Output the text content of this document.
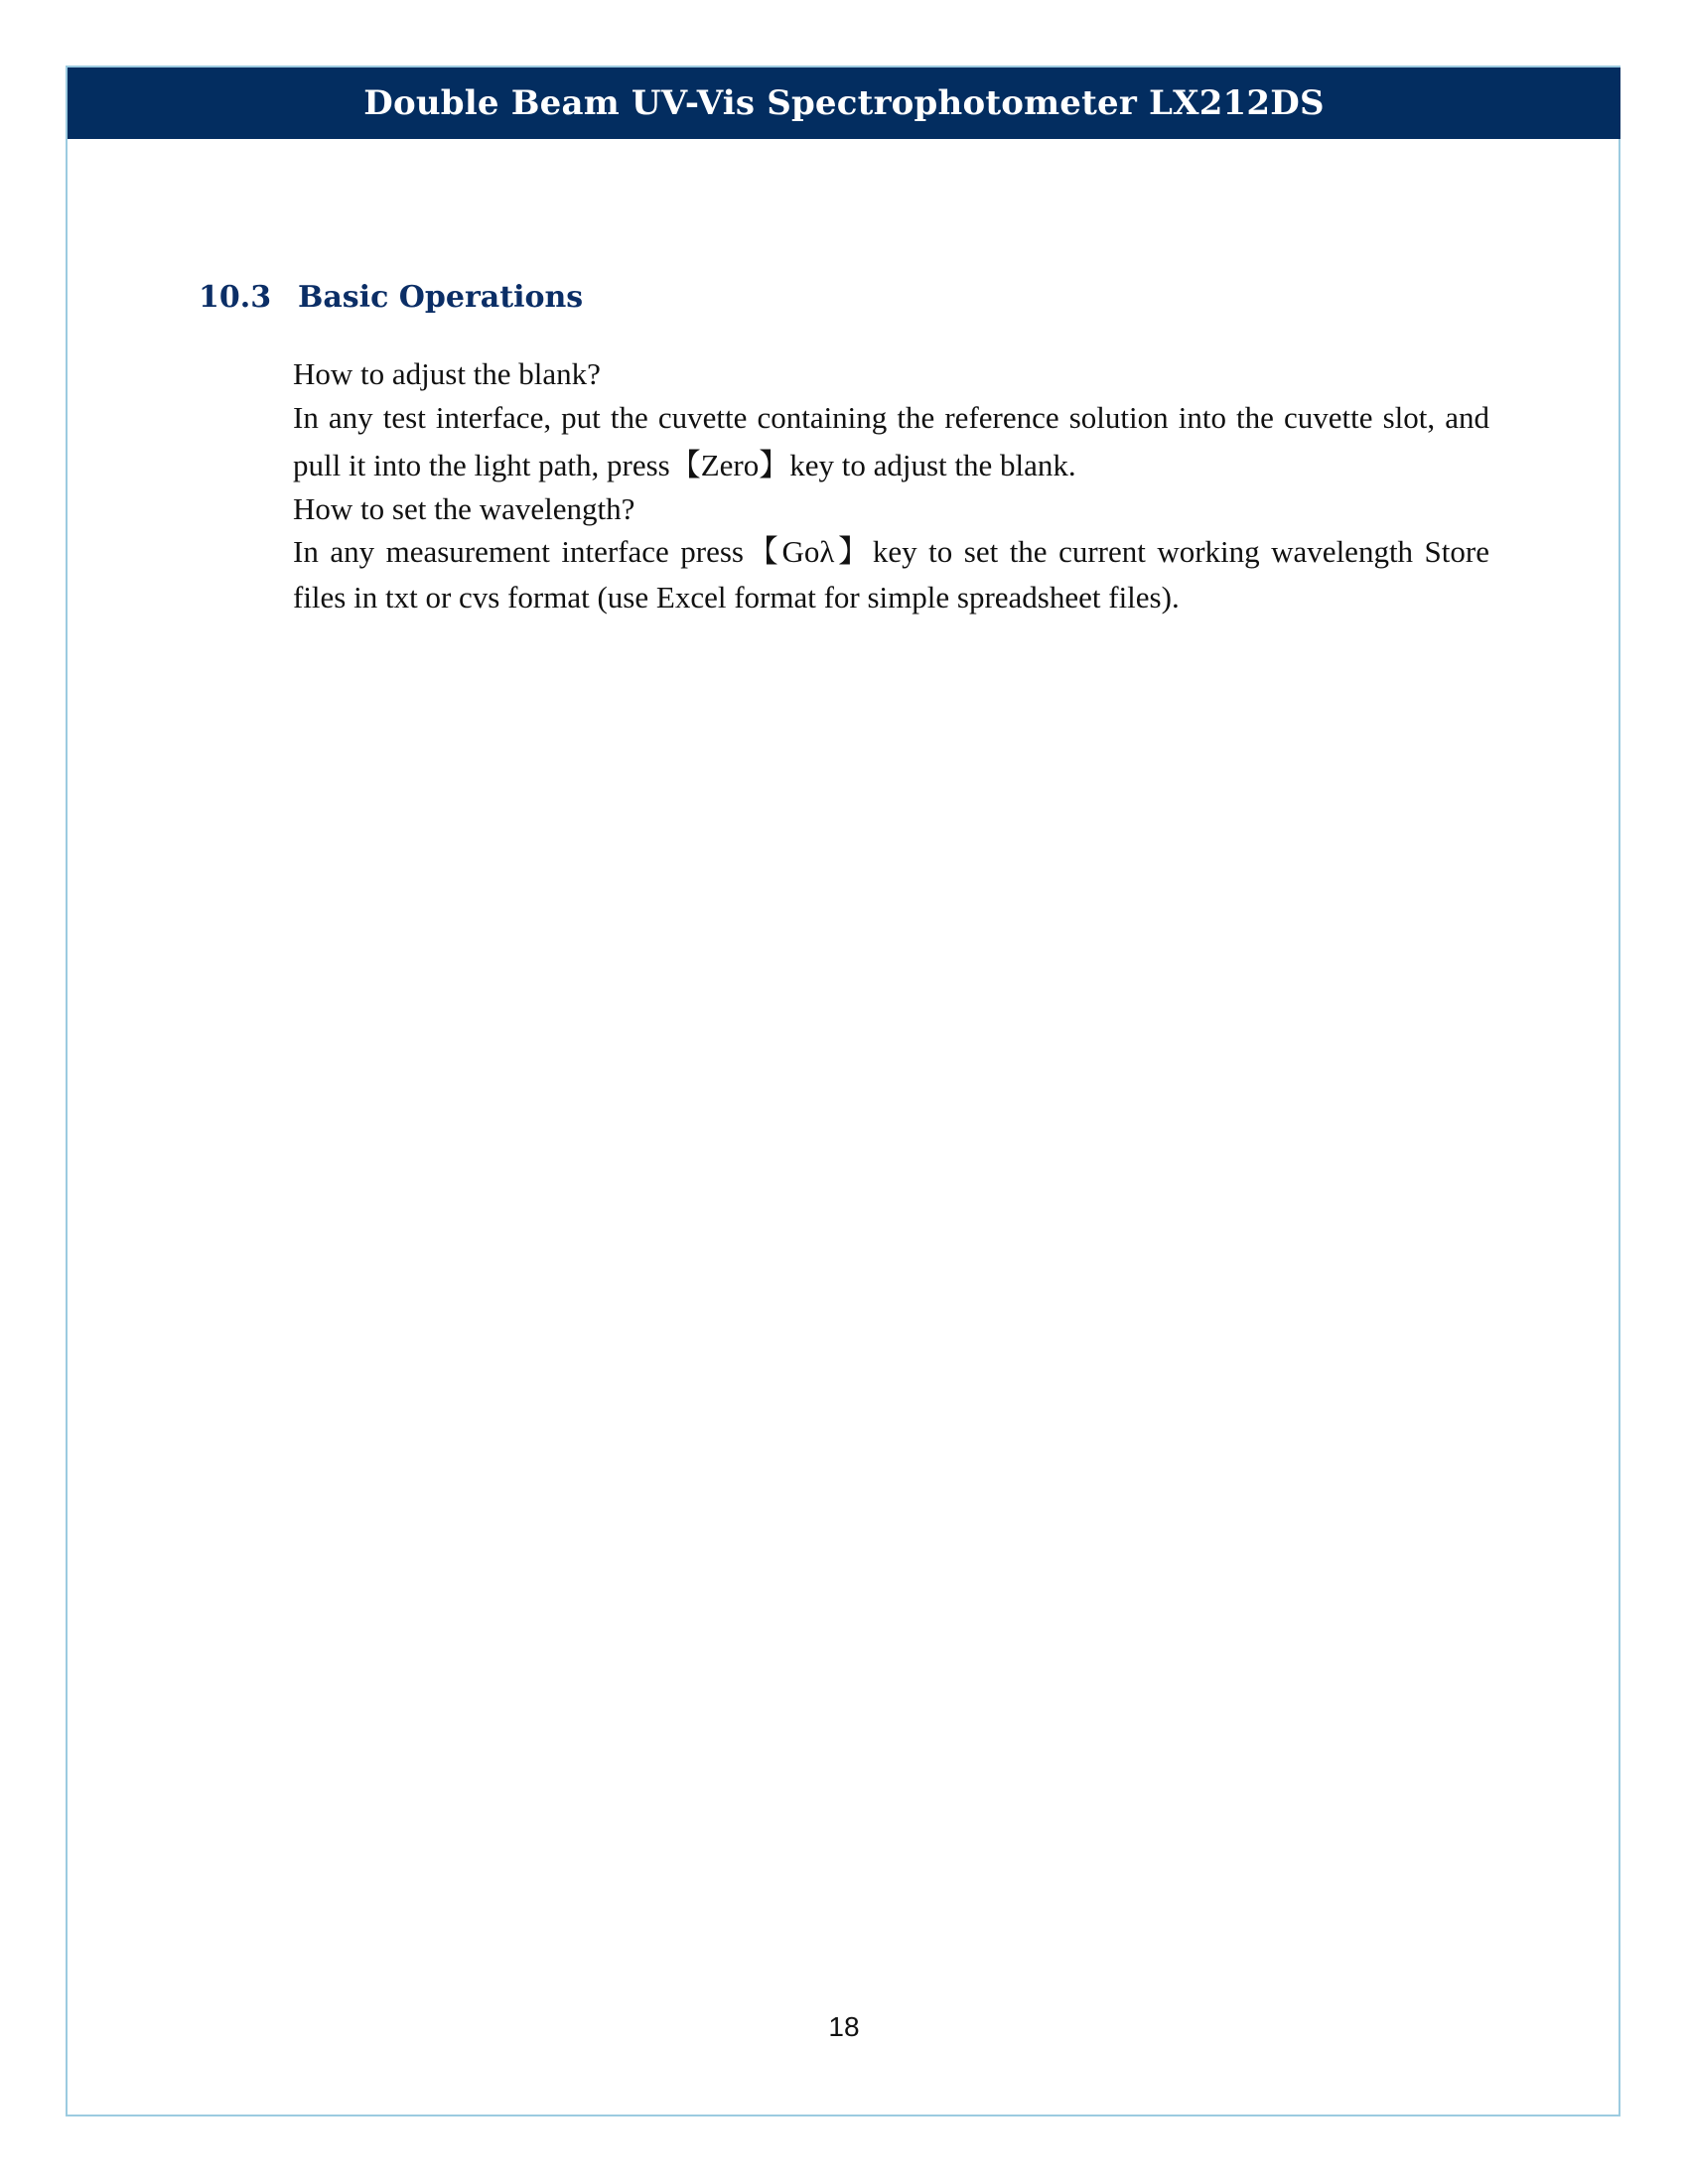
Double Beam UV-Vis Spectrophotometer LX212DS
10.3 Basic Operations

How to adjust the blank?

In any test interface, put the cuvette containing the reference solution into the cuvette slot, and pull it into the light path, press【Zero】key to adjust the blank.

How to set the wavelength?

In any measurement interface press【Goλ】key to set the current working wavelength Store files in txt or cvs format (use Excel format for simple spreadsheet files).

18
